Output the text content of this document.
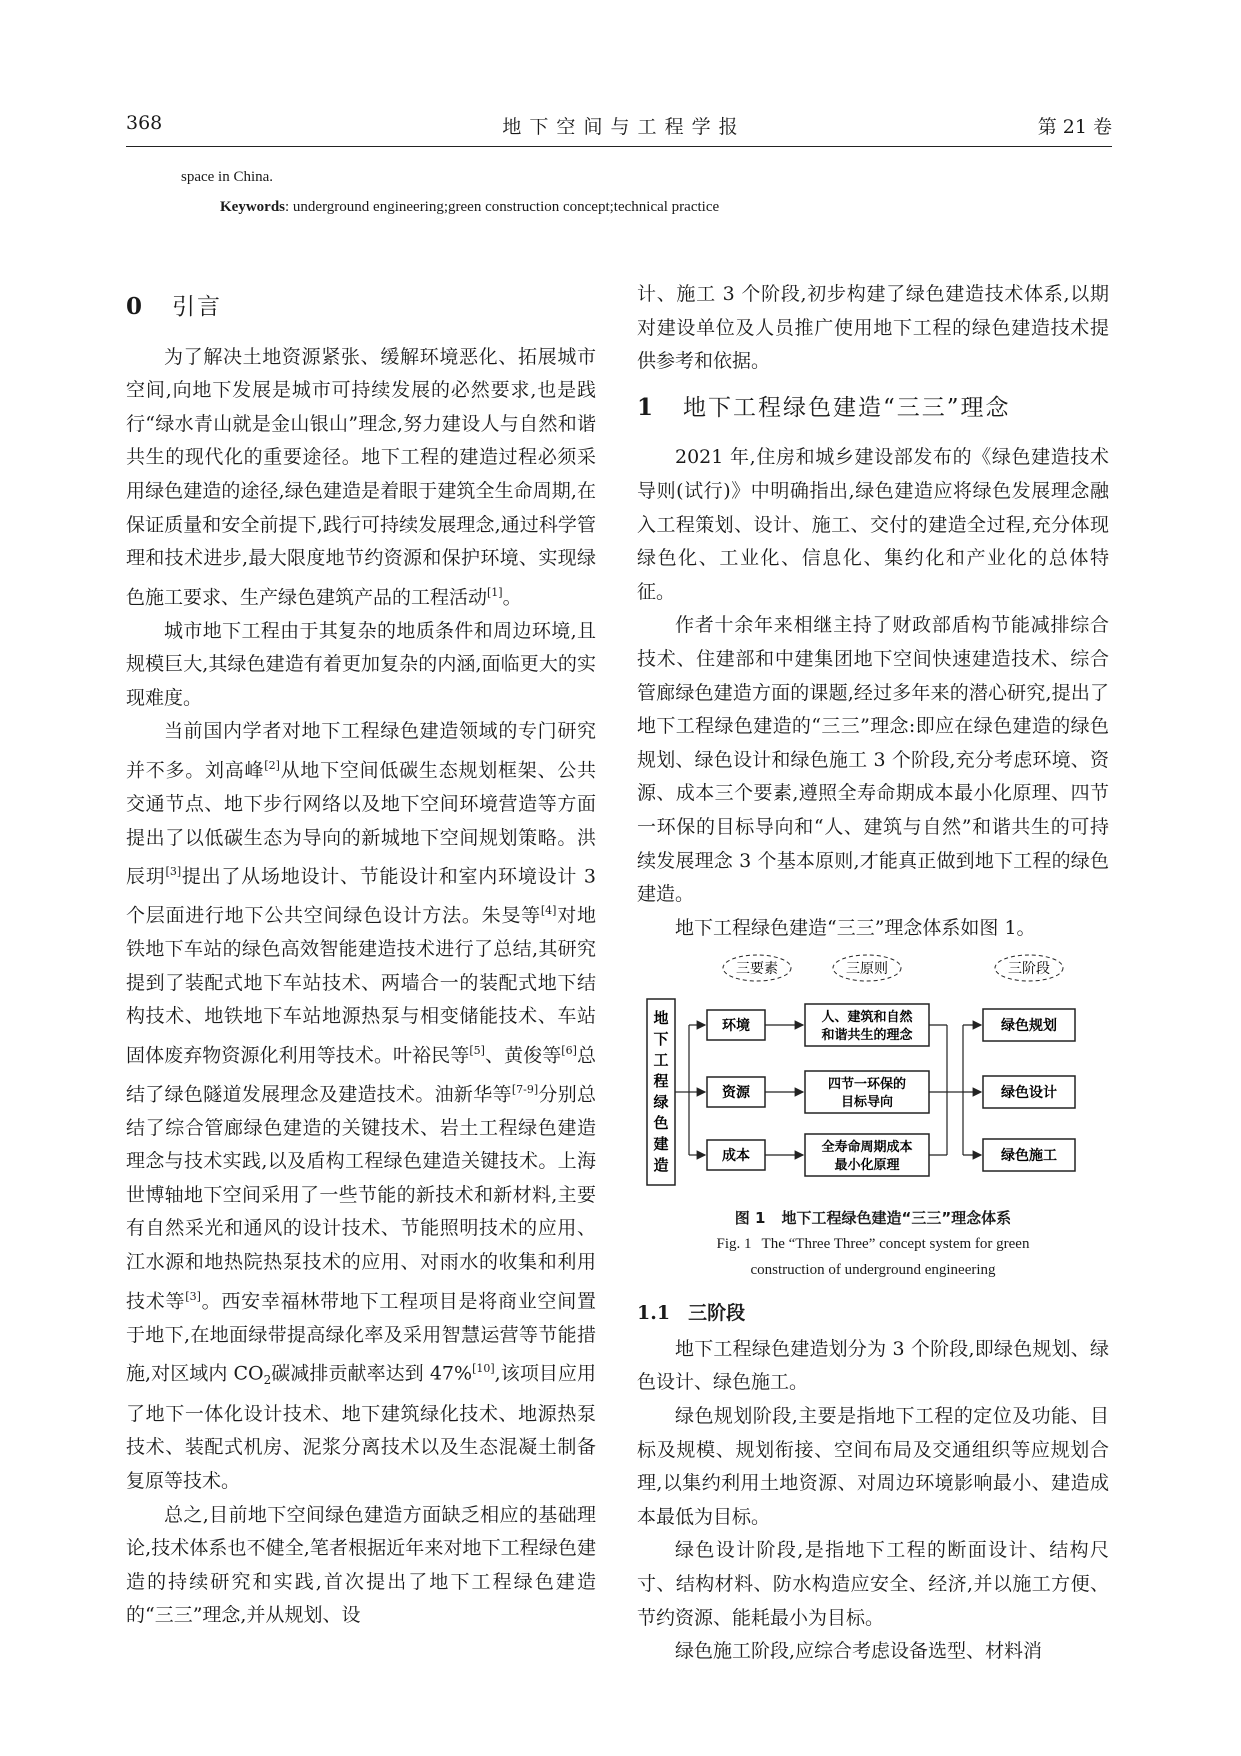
368	地 下 空 间 与 工 程 学 报	第 21 卷
space in China.
Keywords: underground engineering;green construction concept;technical practice
0 引言

为了解决土地资源紧张、缓解环境恶化、拓展城市空间,向地下发展是城市可持续发展的必然要求,也是践行“绿水青山就是金山银山”理念,努力建设人与自然和谐共生的现代化的重要途径。地下工程的建造过程必须采用绿色建造的途径,绿色建造是着眼于建筑全生命周期,在保证质量和安全前提下,践行可持续发展理念,通过科学管理和技术进步,最大限度地节约资源和保护环境、实现绿色施工要求、生产绿色建筑产品的工程活动[1]。

城市地下工程由于其复杂的地质条件和周边环境,且规模巨大,其绿色建造有着更加复杂的内涵,面临更大的实现难度。

当前国内学者对地下工程绿色建造领域的专门研究并不多。刘高峰[2]从地下空间低碳生态规划框架、公共交通节点、地下步行网络以及地下空间环境营造等方面提出了以低碳生态为导向的新城地下空间规划策略。洪辰玥[3]提出了从场地设计、节能设计和室内环境设计 3 个层面进行地下公共空间绿色设计方法。朱旻等[4]对地铁地下车站的绿色高效智能建造技术进行了总结,其研究提到了装配式地下车站技术、两墙合一的装配式地下结构技术、地铁地下车站地源热泵与相变储能技术、车站固体废弃物资源化利用等技术。叶裕民等[5]、黄俊等[6]总结了绿色隧道发展理念及建造技术。油新华等[7-9]分别总结了综合管廊绿色建造的关键技术、岩土工程绿色建造理念与技术实践,以及盾构工程绿色建造关键技术。上海世博轴地下空间采用了一些节能的新技术和新材料,主要有自然采光和通风的设计技术、节能照明技术的应用、江水源和地热院热泵技术的应用、对雨水的收集和利用技术等[3]。西安幸福林带地下工程项目是将商业空间置于地下,在地面绿带提高绿化率及采用智慧运营等节能措施,对区域内 $CO_2$碳减排贡献率达到 47%[10],该项目应用了地下一体化设计技术、地下建筑绿化技术、地源热泵技术、装配式机房、泥浆分离技术以及生态混凝土制备复原等技术。

总之,目前地下空间绿色建造方面缺乏相应的基础理论,技术体系也不健全,笔者根据近年来对地下工程绿色建造的持续研究和实践,首次提出了地下工程绿色建造的“三三”理念,并从规划、设

计、施工 3 个阶段,初步构建了绿色建造技术体系,以期对建设单位及人员推广使用地下工程的绿色建造技术提供参考和依据。

1 地下工程绿色建造“三三”理念

2021 年,住房和城乡建设部发布的《绿色建造技术导则(试行)》中明确指出,绿色建造应将绿色发展理念融入工程策划、设计、施工、交付的建造全过程,充分体现绿色化、工业化、信息化、集约化和产业化的总体特征。

作者十余年来相继主持了财政部盾构节能减排综合技术、住建部和中建集团地下空间快速建造技术、综合管廊绿色建造方面的课题,经过多年来的潜心研究,提出了地下工程绿色建造的“三三”理念:即应在绿色建造的绿色规划、绿色设计和绿色施工 3 个阶段,充分考虑环境、资源、成本三个要素,遵照全寿命期成本最小化原理、四节一环保的目标导向和“人、建筑与自然”和谐共生的可持续发展理念 3 个基本原则,才能真正做到地下工程的绿色建造。

地下工程绿色建造“三三”理念体系如图 1。

三要素	三原则	三阶段
地
下
工
程
绿
色
建
造
环境
资源
成本
人、建筑和自然
和谐共生的理念
四节一环保的
目标导向
全寿命周期成本
最小化原理
绿色规划
绿色设计
绿色施工
图 1 地下工程绿色建造“三三”理念体系
Fig. 1 The “Three Three” concept system for green
construction of underground engineering
1.1 三阶段

地下工程绿色建造划分为 3 个阶段,即绿色规划、绿色设计、绿色施工。

绿色规划阶段,主要是指地下工程的定位及功能、目标及规模、规划衔接、空间布局及交通组织等应规划合理,以集约利用土地资源、对周边环境影响最小、建造成本最低为目标。

绿色设计阶段,是指地下工程的断面设计、结构尺寸、结构材料、防水构造应安全、经济,并以施工方便、节约资源、能耗最小为目标。

绿色施工阶段,应综合考虑设备选型、材料消
